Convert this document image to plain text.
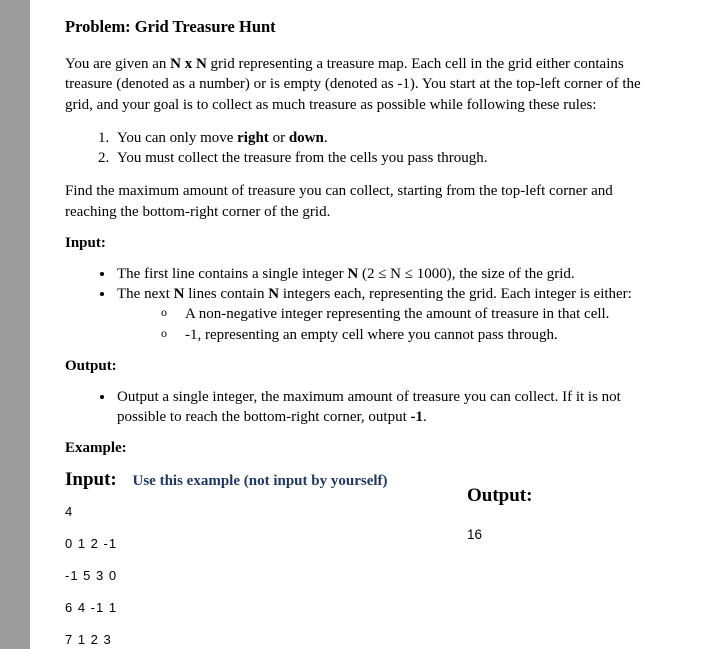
Problem: Grid Treasure Hunt

You are given an N x N grid representing a treasure map. Each cell in the grid either contains treasure (denoted as a number) or is empty (denoted as -1). You start at the top-left corner of the grid, and your goal is to collect as much treasure as possible while following these rules:

1. You can only move right or down.
2. You must collect the treasure from the cells you pass through.

Find the maximum amount of treasure you can collect, starting from the top-left corner and reaching the bottom-right corner of the grid.

Input:

• The first line contains a single integer N (2 ≤ N ≤ 1000), the size of the grid.
• The next N lines contain N integers each, representing the grid. Each integer is either:
o A non-negative integer representing the amount of treasure in that cell.
o -1, representing an empty cell where you cannot pass through.

Output:

• Output a single integer, the maximum amount of treasure you can collect. If it is not possible to reach the bottom-right corner, output -1.

Example:

Input: Use this example (not input by yourself)
4
0 1 2 -1
-1 5 3 0
6 4 -1 1
7 1 2 3
Output:
16
